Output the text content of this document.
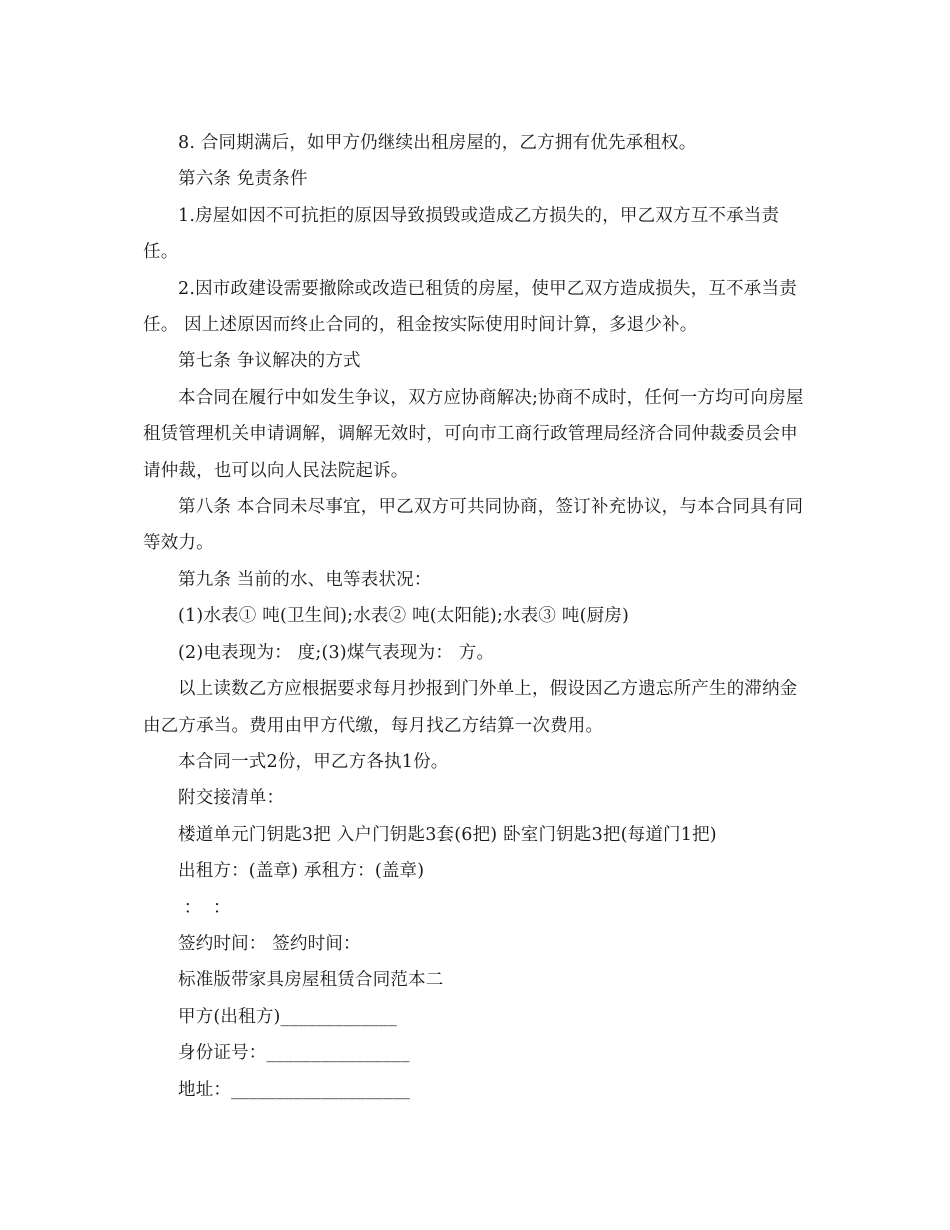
8. 合同期满后，如甲方仍继续出租房屋的，乙方拥有优先承租权。

第六条 免责条件

1.房屋如因不可抗拒的原因导致损毁或造成乙方损失的，甲乙双方互不承当责任。

2.因市政建设需要撤除或改造已租赁的房屋，使甲乙双方造成损失，互不承当责任。 因上述原因而终止合同的，租金按实际使用时间计算，多退少补。

第七条 争议解决的方式

本合同在履行中如发生争议，双方应协商解决;协商不成时，任何一方均可向房屋租赁管理机关申请调解，调解无效时，可向市工商行政管理局经济合同仲裁委员会申请仲裁，也可以向人民法院起诉。

第八条 本合同未尽事宜，甲乙双方可共同协商，签订补充协议，与本合同具有同等效力。

第九条 当前的水、电等表状况：

(1)水表① 吨(卫生间);水表② 吨(太阳能);水表③ 吨(厨房)

(2)电表现为： 度;(3)煤气表现为： 方。

以上读数乙方应根据要求每月抄报到门外单上，假设因乙方遗忘所产生的滞纳金由乙方承当。费用由甲方代缴，每月找乙方结算一次费用。

本合同一式2份，甲乙方各执1份。

附交接清单：

楼道单元门钥匙3把 入户门钥匙3套(6把) 卧室门钥匙3把(每道门1把)

出租方：(盖章) 承租方：(盖章)

：  ：

签约时间： 签约时间：

标准版带家具房屋租赁合同范本二

甲方(出租方)_____________

身份证号：________________

地址：____________________
